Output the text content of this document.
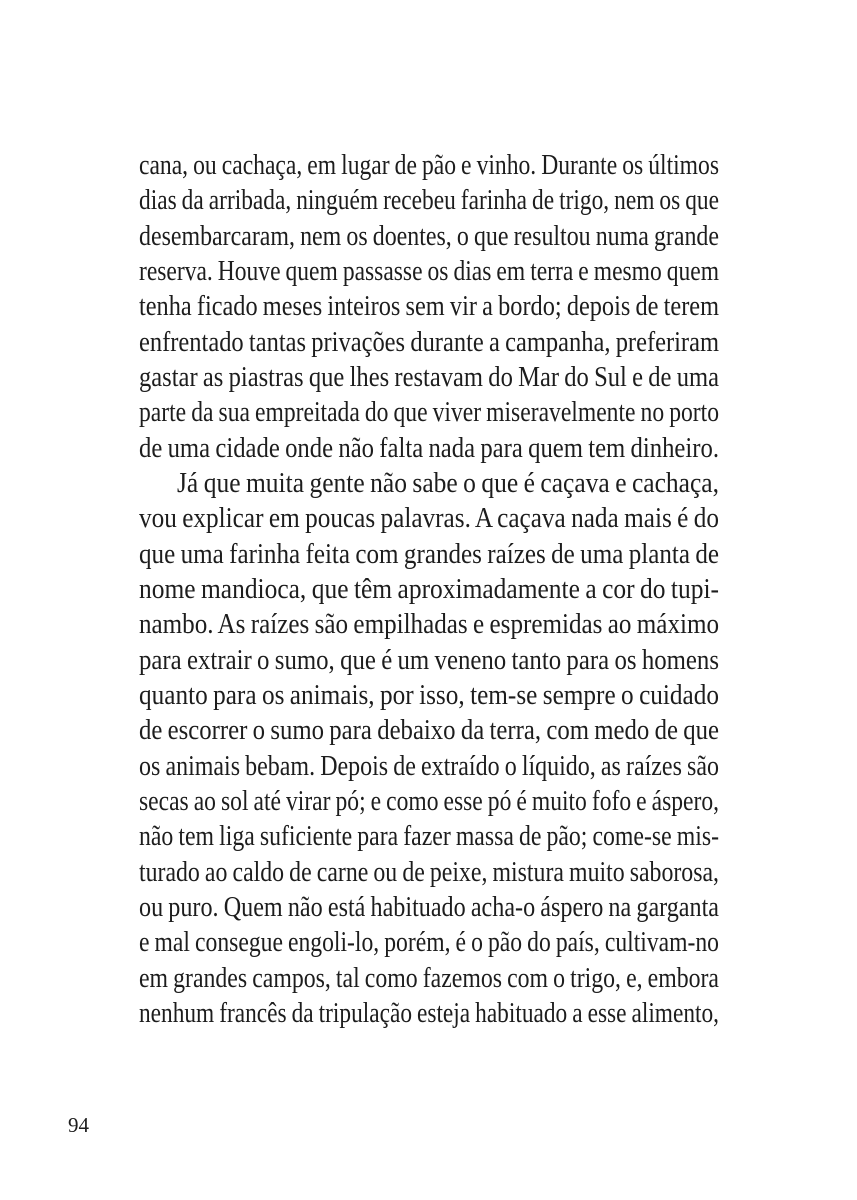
cana, ou cachaça, em lugar de pão e vinho. Durante os últimos
dias da arribada, ninguém recebeu farinha de trigo, nem os que
desembarcaram, nem os doentes, o que resultou numa grande
reserva. Houve quem passasse os dias em terra e mesmo quem
tenha ficado meses inteiros sem vir a bordo; depois de terem
enfrentado tantas privações durante a campanha, preferiram
gastar as piastras que lhes restavam do Mar do Sul e de uma
parte da sua empreitada do que viver miseravelmente no porto
de uma cidade onde não falta nada para quem tem dinheiro.
Já que muita gente não sabe o que é caçava e cachaça,
vou explicar em poucas palavras. A caçava nada mais é do
que uma farinha feita com grandes raízes de uma planta de
nome mandioca, que têm aproximadamente a cor do tupi-
nambo. As raízes são empilhadas e espremidas ao máximo
para extrair o sumo, que é um veneno tanto para os homens
quanto para os animais, por isso, tem-se sempre o cuidado
de escorrer o sumo para debaixo da terra, com medo de que
os animais bebam. Depois de extraído o líquido, as raízes são
secas ao sol até virar pó; e como esse pó é muito fofo e áspero,
não tem liga suficiente para fazer massa de pão; come-se mis-
turado ao caldo de carne ou de peixe, mistura muito saborosa,
ou puro. Quem não está habituado acha-o áspero na garganta
e mal consegue engoli-lo, porém, é o pão do país, cultivam-no
em grandes campos, tal como fazemos com o trigo, e, embora
nenhum francês da tripulação esteja habituado a esse alimento,
94
